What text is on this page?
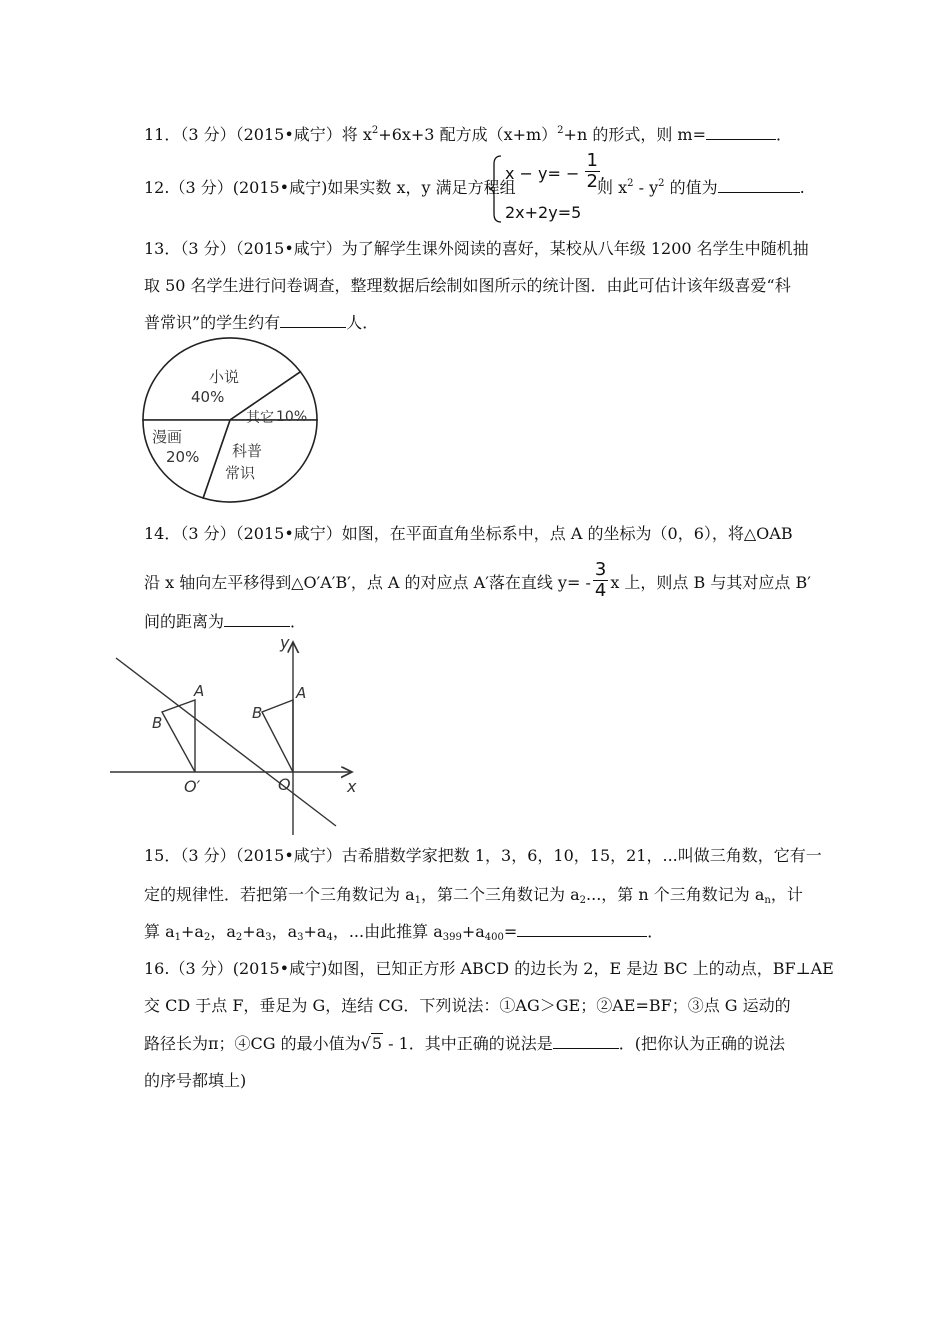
11．（3 分）（2015•咸宁）将 $x^2+6x+3$ 配方成$(x+m)^2+n$ 的形式，则 m=	．
12.（3 分）(2015•咸宁)如果实数 x，y 满足方程组
$x - y= - \frac{1}{2}$ ,
2x+2y=5
则 $x^2 - y^2$ 的值为	.
13．（3 分）（2015•咸宁）为了解学生课外阅读的喜好，某校从八年级 1200 名学生中随机抽
取 50 名学生进行问卷调查，整理数据后绘制如图所示的统计图．由此可估计该年级喜爱“科
普常识”的学生约有	人．
小说
40%
其它 10%
科普
常识
漫画
20%
14．（3 分）（2015•咸宁）如图，在平面直角坐标系中，点 A 的坐标为（0，6），将△OAB
沿 x 轴向左平移得到△O′A′B′，点 A 的对应点 A′落在直线 $y= - \frac{3}{4}$ x 上，则点 B 与其对应点 B′
间的距离为	．
y
x
O
O′
A
B
A
B
15．（3 分）（2015•咸宁）古希腊数学家把数 1，3，6，10，15，21，...叫做三角数，它有一
定的规律性．若把第一个三角数记为 $a_1$，第二个三角数记为 $a_2$...，第 n 个三角数记为 $a_n$，计
算 $a_1+a_2$，$a_2+a_3$，$a_3+a_4$，...由此推算 $a_{399}+a_{400}=$	．
16.（3 分）(2015•咸宁)如图，已知正方形 ABCD 的边长为 2，E 是边 BC 上的动点，BF⊥AE
交 CD 于点 F，垂足为 G，连结 CG．下列说法：①AG＞GE；②AE=BF；③点 G 运动的
路径长为π；④CG 的最小值为√5 - 1．其中正确的说法是	．(把你认为正确的说法
的序号都填上)
